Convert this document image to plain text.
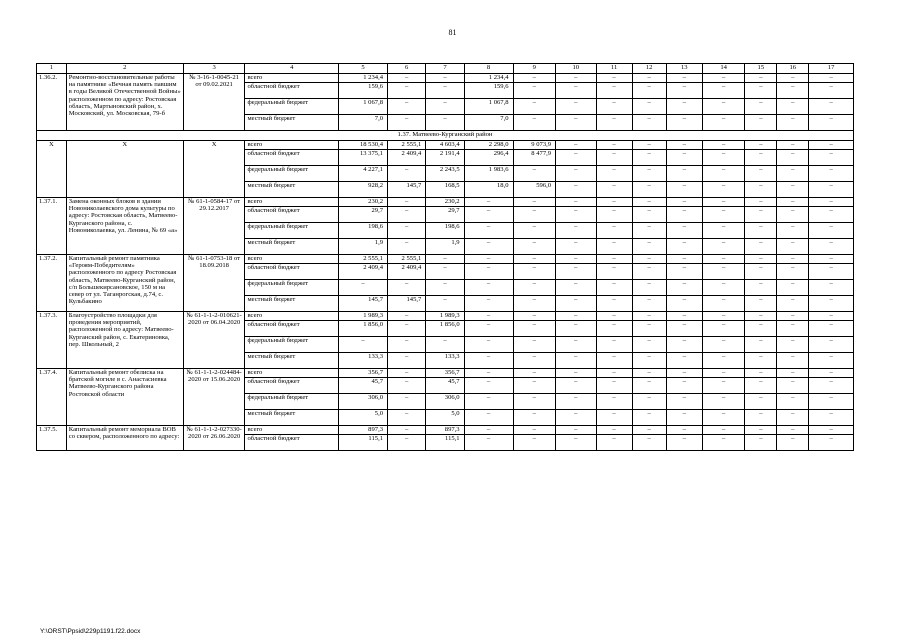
81
1	2	3	4	5	6	7	8	9	10	11	12	13	14	15	16	17
1.36.2.	Ремонтно-восстановительные работы на памятнике «Вечная память павшим в годы Великой Отечественной Войны» расположенном по адресу: Ростовская область, Мартыновский район, х. Московский, ул. Московская, 79-б	№ 3-16-1-0045-21 от 09.02.2021	всего	1 234,4	–	–	1 234,4	–	–	–	–	–	–	–	–	–
			областной бюджет	159,6	–	–	159,6	–	–	–	–	–	–	–	–	–
			федеральный бюджет	1 067,8	–	–	1 067,8	–	–	–	–	–	–	–	–	–
			местный бюджет	7,0	–	–	7,0	–	–	–	–	–	–	–	–	–
1.37. Матвеево-Курганский район																
X	X	X	всего	18 530,4	2 555,1	4 603,4	2 298,0	9 073,9	–	–	–	–	–	–	–	–
			областной бюджет	13 375,1	2 409,4	2 191,4	296,4	8 477,9	–	–	–	–	–	–	–	–
			федеральный бюджет	4 227,1	–	2 243,5	1 983,6	–	–	–	–	–	–	–	–	–
			местный бюджет	928,2	145,7	168,5	18,0	596,0	–	–	–	–	–	–	–	–
1.37.1.	Замена оконных блоков в здании Новониколаевского дома культуры по адресу: Ростовская область, Матвеево-Курганского района, с. Новониколаевка, ул. Ленина, № 69 «а»	№ 61-1-0584-17 от 29.12.2017	всего	230,2	–	230,2	–	–	–	–	–	–	–	–	–	–
			областной бюджет	29,7	–	29,7	–	–	–	–	–	–	–	–	–	–
			федеральный бюджет	198,6	–	198,6	–	–	–	–	–	–	–	–	–	–
			местный бюджет	1,9	–	1,9	–	–	–	–	–	–	–	–	–	–
1.37.2.	Капитальный ремонт памятника «Героям-Победителям» расположенного по адресу Ростовская область, Матвеево-Курганский район, с/п Большекирсановское, 150 м на север от ул. Таганрогская, д.74, с. Кульбакино	№ 61-1-0753-18 от 18.09.2018	всего	2 555,1	2 555,1	–	–	–	–	–	–	–	–	–	–	–
			областной бюджет	2 409,4	2 409,4	–	–	–	–	–	–	–	–	–	–	–
			федеральный бюджет	–	–	–	–	–	–	–	–	–	–	–	–	–
			местный бюджет	145,7	145,7	–	–	–	–	–	–	–	–	–	–	–
1.37.3.	Благоустройство площадки для проведения мероприятий, расположенной по адресу: Матвеево-Курганский район, с. Екатериновка, пер. Школьный, 2	№ 61-1-1-2-010621-2020 от 06.04.2020	всего	1 989,3	–	1 989,3	–	–	–	–	–	–	–	–	–	–
			областной бюджет	1 856,0	–	1 856,0	–	–	–	–	–	–	–	–	–	–
			федеральный бюджет	–	–	–	–	–	–	–	–	–	–	–	–	–
			местный бюджет	133,3	–	133,3	–	–	–	–	–	–	–	–	–	–
1.37.4.	Капитальный ремонт обелиска на братской могиле в с. Анастасиевка Матвеево-Курганского района Ростовской области	№ 61-1-1-2-024484-2020 от 15.06.2020	всего	356,7	–	356,7	–	–	–	–	–	–	–	–	–	–
			областной бюджет	45,7	–	45,7	–	–	–	–	–	–	–	–	–	–
			федеральный бюджет	306,0	–	306,0	–	–	–	–	–	–	–	–	–	–
			местный бюджет	5,0	–	5,0	–	–	–	–	–	–	–	–	–	–
1.37.5.	Капитальный ремонт мемориала ВОВ со сквером, расположенного по адресу:	№ 61-1-1-2-027330-2020 от 26.06.2020	всего	897,3	–	897,3	–	–	–	–	–	–	–	–	–	–
			областной бюджет	115,1	–	115,1	–	–	–	–	–	–	–	–	–	–
Y:\ORST\Ppsid\229p1191.f22.docx
